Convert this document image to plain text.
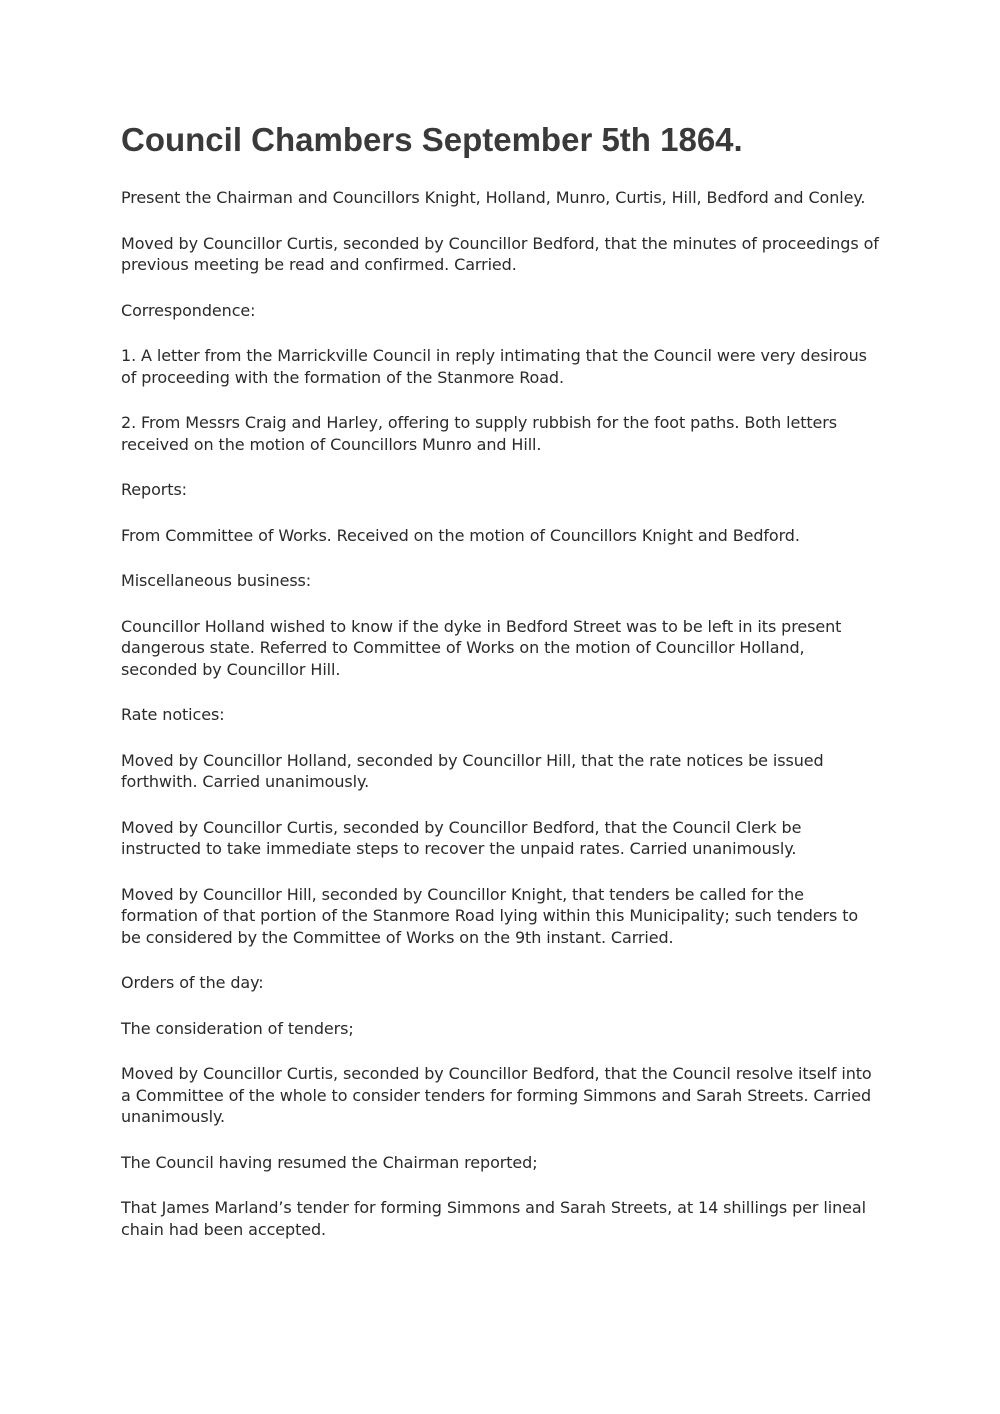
Council Chambers September 5th 1864.

Present the Chairman and Councillors Knight, Holland, Munro, Curtis, Hill, Bedford and Conley.

Moved by Councillor Curtis, seconded by Councillor Bedford, that the minutes of proceedings of previous meeting be read and confirmed. Carried.

Correspondence:

1. A letter from the Marrickville Council in reply intimating that the Council were very desirous of proceeding with the formation of the Stanmore Road.

2. From Messrs Craig and Harley, offering to supply rubbish for the foot paths. Both letters received on the motion of Councillors Munro and Hill.

Reports:

From Committee of Works. Received on the motion of Councillors Knight and Bedford.

Miscellaneous business:

Councillor Holland wished to know if the dyke in Bedford Street was to be left in its present dangerous state. Referred to Committee of Works on the motion of Councillor Holland, seconded by Councillor Hill.

Rate notices:

Moved by Councillor Holland, seconded by Councillor Hill, that the rate notices be issued forthwith. Carried unanimously.

Moved by Councillor Curtis, seconded by Councillor Bedford, that the Council Clerk be instructed to take immediate steps to recover the unpaid rates. Carried unanimously.

Moved by Councillor Hill, seconded by Councillor Knight, that tenders be called for the formation of that portion of the Stanmore Road lying within this Municipality; such tenders to be considered by the Committee of Works on the 9th instant. Carried.

Orders of the day:

The consideration of tenders;

Moved by Councillor Curtis, seconded by Councillor Bedford, that the Council resolve itself into a Committee of the whole to consider tenders for forming Simmons and Sarah Streets. Carried unanimously.

The Council having resumed the Chairman reported;

That James Marland’s tender for forming Simmons and Sarah Streets, at 14 shillings per lineal chain had been accepted.
